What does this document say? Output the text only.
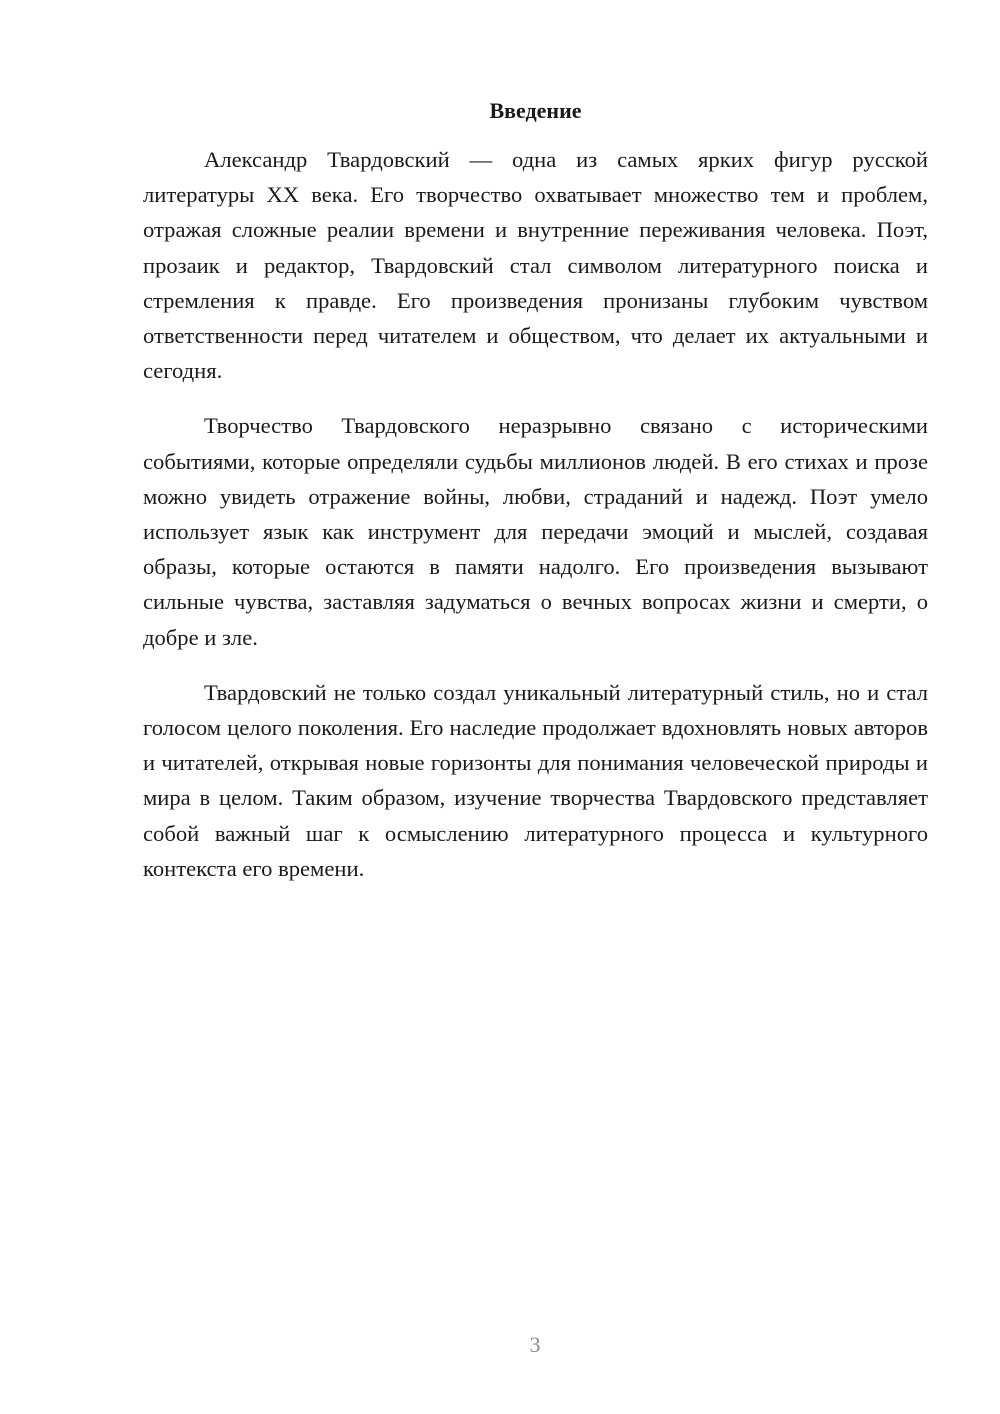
Введение

Александр Твардовский — одна из самых ярких фигур русской литературы XX века. Его творчество охватывает множество тем и проблем, отражая сложные реалии времени и внутренние переживания человека. Поэт, прозаик и редактор, Твардовский стал символом литературного поиска и стремления к правде. Его произведения пронизаны глубоким чувством ответственности перед читателем и обществом, что делает их актуальными и сегодня.

Творчество Твардовского неразрывно связано с историческими событиями, которые определяли судьбы миллионов людей. В его стихах и прозе можно увидеть отражение войны, любви, страданий и надежд. Поэт умело использует язык как инструмент для передачи эмоций и мыслей, создавая образы, которые остаются в памяти надолго. Его произведения вызывают сильные чувства, заставляя задуматься о вечных вопросах жизни и смерти, о добре и зле.

Твардовский не только создал уникальный литературный стиль, но и стал голосом целого поколения. Его наследие продолжает вдохновлять новых авторов и читателей, открывая новые горизонты для понимания человеческой природы и мира в целом. Таким образом, изучение творчества Твардовского представляет собой важный шаг к осмыслению литературного процесса и культурного контекста его времени.

3
